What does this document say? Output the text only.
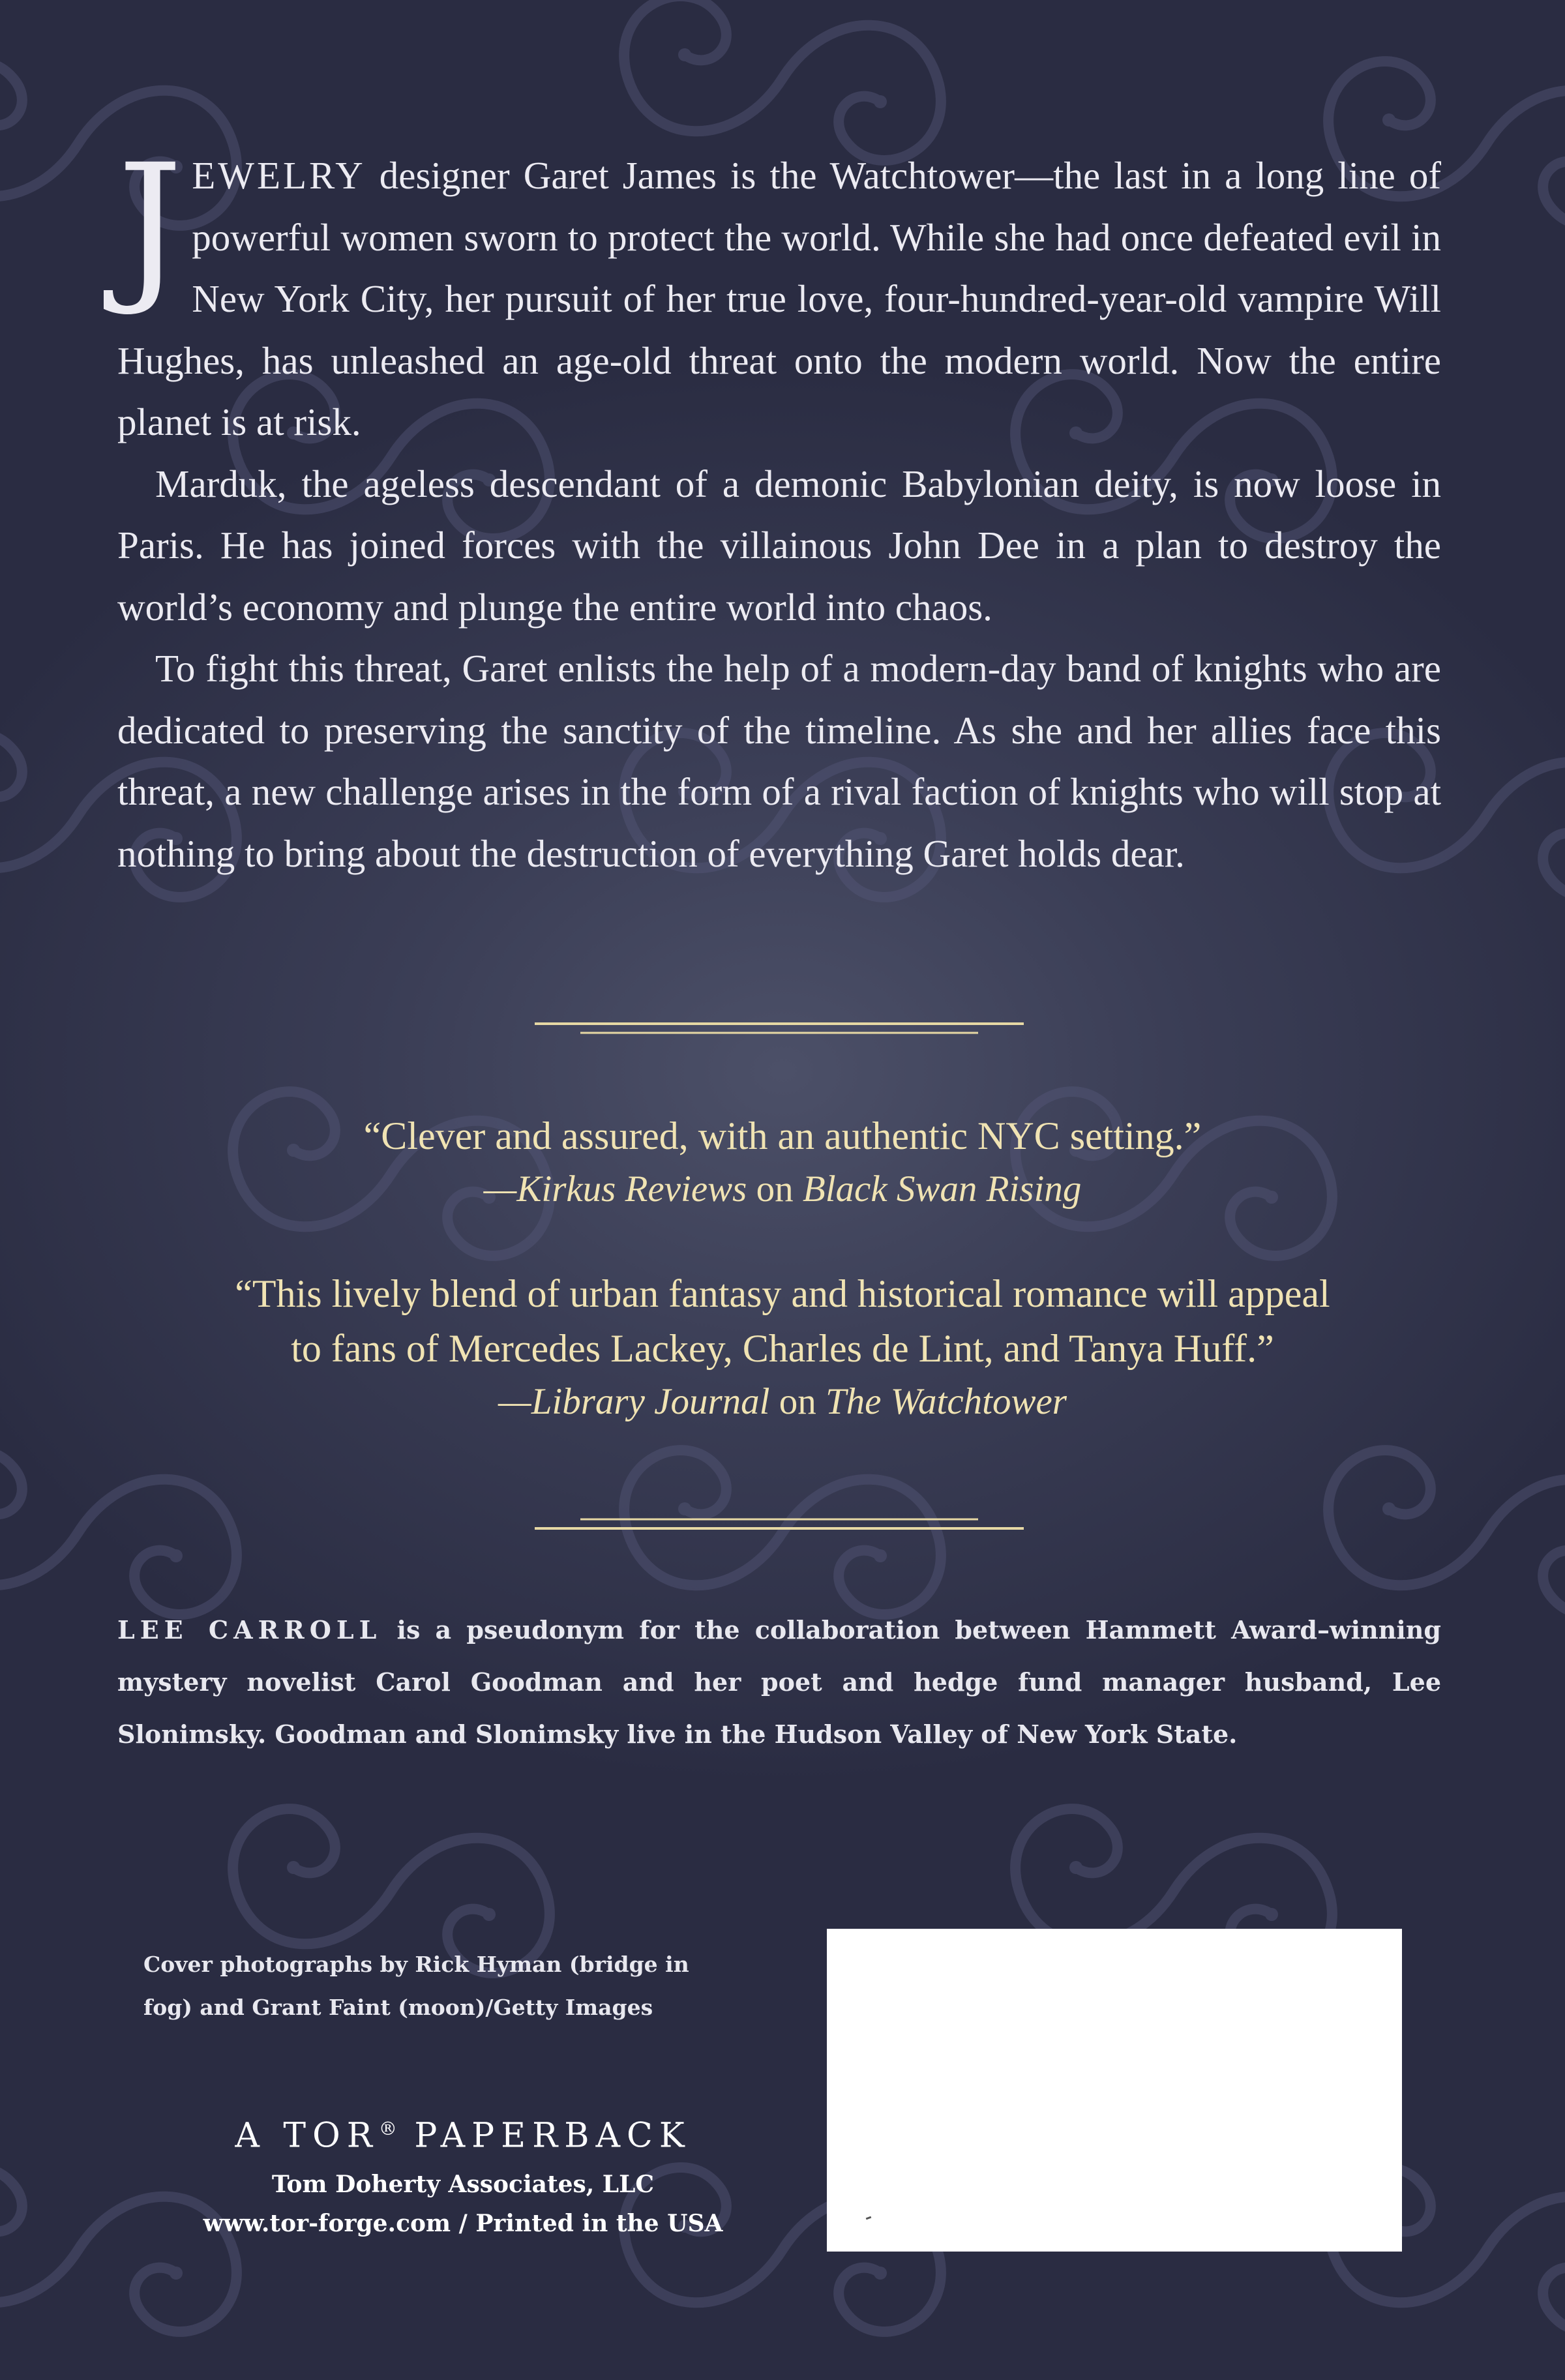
JEWELRY designer Garet James is the Watchtower—the last in a long line of powerful women sworn to protect the world. While she had once defeated evil in New York City, her pursuit of her true love, four-hundred-year-old vampire Will Hughes, has unleashed an age-old threat onto the modern world. Now the entire planet is at risk.

Marduk, the ageless descendant of a demonic Babylonian deity, is now loose in Paris. He has joined forces with the villainous John Dee in a plan to destroy the world’s economy and plunge the entire world into chaos.

To fight this threat, Garet enlists the help of a modern-day band of knights who are dedicated to preserving the sanctity of the timeline. As she and her allies face this threat, a new challenge arises in the form of a rival faction of knights who will stop at nothing to bring about the destruction of everything Garet holds dear.

“Clever and assured, with an authentic NYC setting.”
—Kirkus Reviews on Black Swan Rising
“This lively blend of urban fantasy and historical romance will appeal
to fans of Mercedes Lackey, Charles de Lint, and Tanya Huff.”
—Library Journal on The Watchtower

LEE CARROLL is a pseudonym for the collaboration between Hammett Award–winning mystery novelist Carol Goodman and her poet and hedge fund manager husband, Lee Slonimsky. Goodman and Slonimsky live in the Hudson Valley of New York State.

Cover photographs by Rick Hyman (bridge in
fog) and Grant Faint (moon)/Getty Images

A TOR® PAPERBACK
Tom Doherty Associates, LLC
www.tor-forge.com / Printed in the USA
